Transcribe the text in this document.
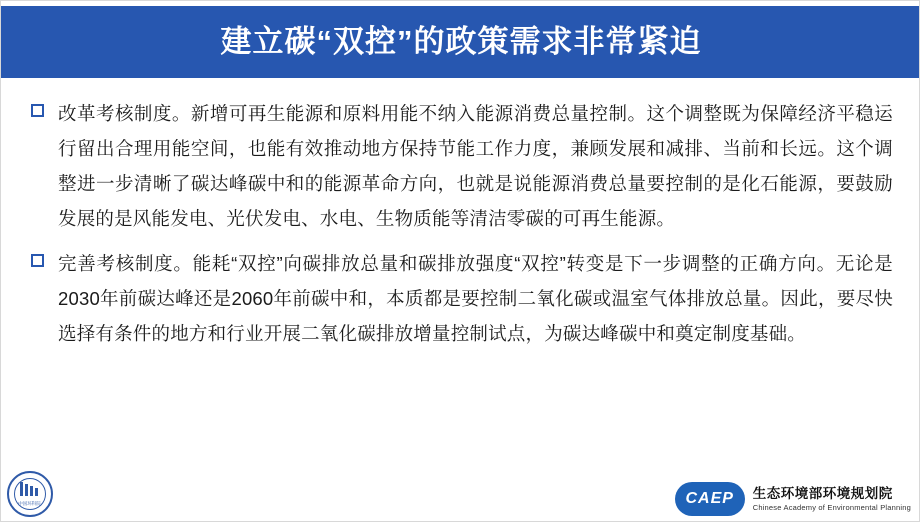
建立碳“双控”的政策需求非常紧迫
改革考核制度。新增可再生能源和原料用能不纳入能源消费总量控制。这个调整既为保障经济平稳运行留出合理用能空间，也能有效推动地方保持节能工作力度，兼顾发展和减排、当前和长远。这个调整进一步清晰了碳达峰碳中和的能源革命方向，也就是说能源消费总量要控制的是化石能源，要鼓励发展的是风能发电、光伏发电、水电、生物质能等清洁零碳的可再生能源。
完善考核制度。能耗“双控”向碳排放总量和碳排放强度“双控”转变是下一步调整的正确方向。无论是2030年前碳达峰还是2060年前碳中和，本质都是要控制二氧化碳或温室气体排放总量。因此，要尽快选择有条件的地方和行业开展二氧化碳排放增量控制试点，为碳达峰碳中和奠定制度基础。
中国环科院	CAEP	生态环境部环境规划院
Chinese Academy of Environmental Planning
